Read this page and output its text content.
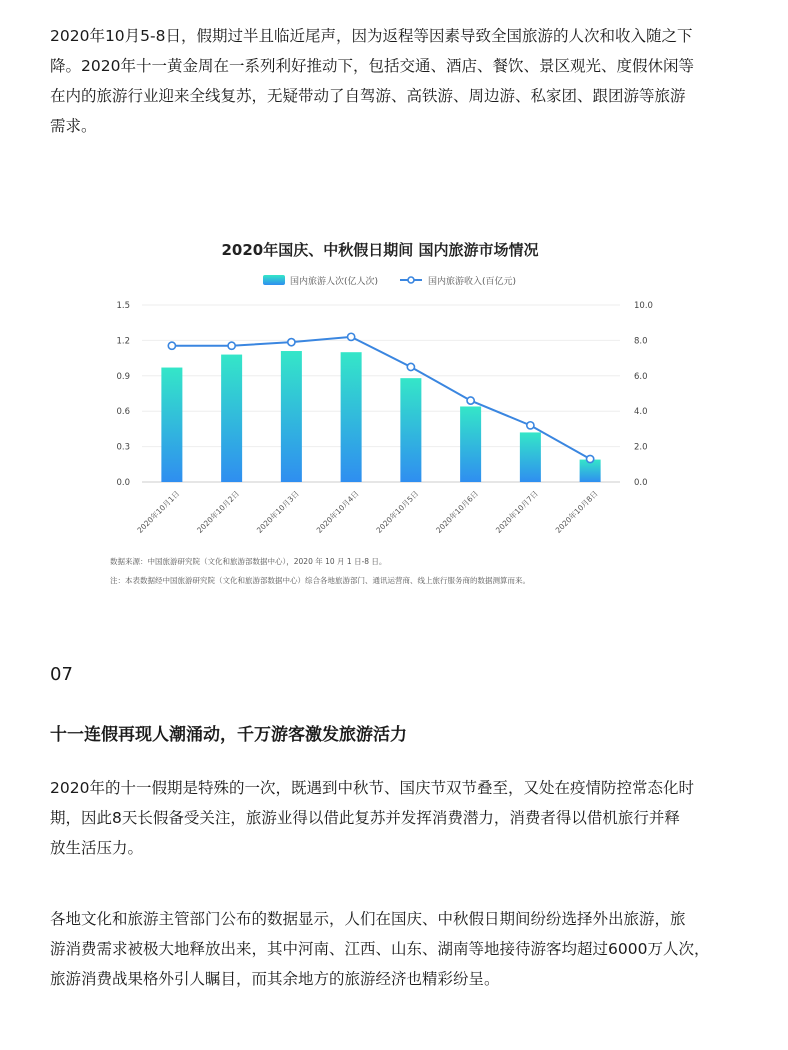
2020年10月5-8日，假期过半且临近尾声，因为返程等因素导致全国旅游的人次和收入随之下
降。2020年十一黄金周在一系列利好推动下，包括交通、酒店、餐饮、景区观光、度假休闲等
在内的旅游行业迎来全线复苏，无疑带动了自驾游、高铁游、周边游、私家团、跟团游等旅游
需求。
2020年国庆、中秋假日期间 国内旅游市场情况
国内旅游人次(亿人次)	国内旅游收入(百亿元)
0.0
0.3
0.6
0.9
1.2
1.5
0.0
2.0
4.0
6.0
8.0
10.0
2020年10月1日 2020年10月2日 2020年10月3日 2020年10月4日 2020年10月5日 2020年10月6日 2020年10月7日 2020年10月8日
数据来源：中国旅游研究院（文化和旅游部数据中心），2020 年 10 月 1 日-8 日。
注：本表数据经中国旅游研究院（文化和旅游部数据中心）综合各地旅游部门、通讯运营商、线上旅行服务商的数据测算而来。
07
十一连假再现人潮涌动，千万游客激发旅游活力
2020年的十一假期是特殊的一次，既遇到中秋节、国庆节双节叠至，又处在疫情防控常态化时
期，因此8天长假备受关注，旅游业得以借此复苏并发挥消费潜力，消费者得以借机旅行并释
放生活压力。
各地文化和旅游主管部门公布的数据显示，人们在国庆、中秋假日期间纷纷选择外出旅游，旅
游消费需求被极大地释放出来，其中河南、江西、山东、湖南等地接待游客均超过6000万人次，
旅游消费战果格外引人瞩目，而其余地方的旅游经济也精彩纷呈。
